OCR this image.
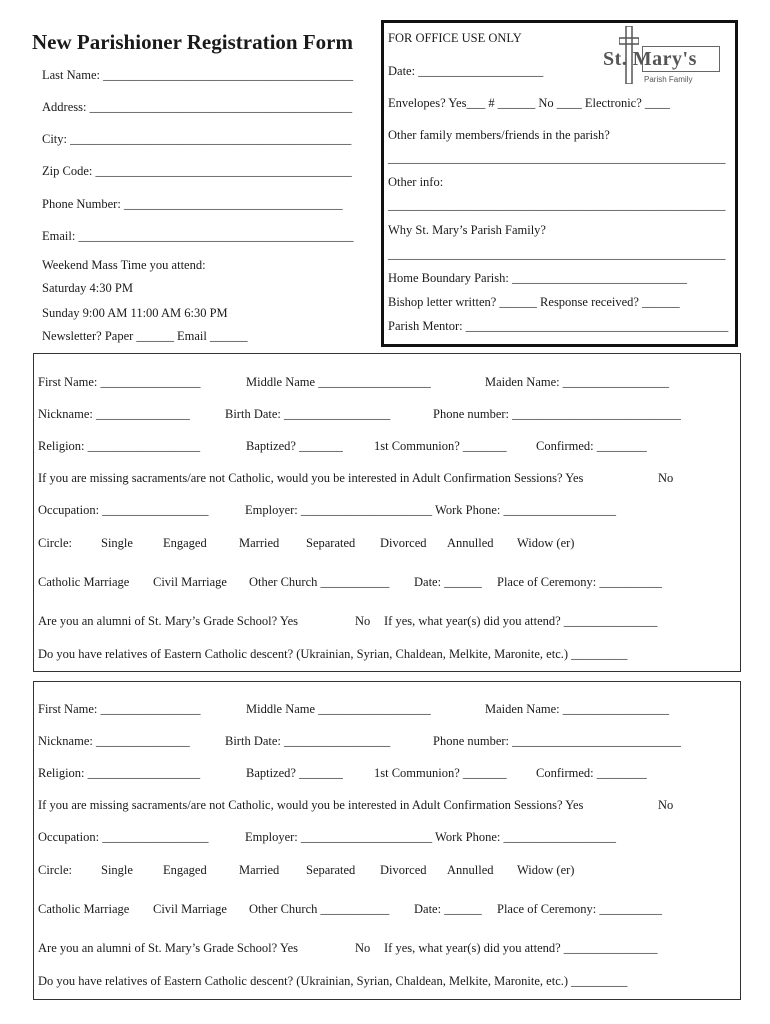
New Parishioner Registration Form
Last Name: ________________________________________
Address: __________________________________________
City: _____________________________________________
Zip Code: _________________________________________
Phone Number: ___________________________________
Email: ____________________________________________
Weekend Mass Time you attend:
Saturday 4:30 PM
Sunday 9:00 AM 11:00 AM 6:30 PM
Newsletter? Paper ______ Email ______
FOR OFFICE USE ONLY
Date: ____________________
Envelopes? Yes___ # ______ No ____ Electronic? ____
Other family members/friends in the parish?
______________________________________________________
Other info:
______________________________________________________
Why St. Mary’s Parish Family?
______________________________________________________
Home Boundary Parish: ____________________________
Bishop letter written? ______ Response received? ______
Parish Mentor: __________________________________________
St. Mary's
Parish Family
First Name: ________________	Middle Name __________________	Maiden Name: _________________
Nickname: _______________	Birth Date: _________________	Phone number: ___________________________
Religion: __________________	Baptized? _______ 1st Communion? _______ Confirmed: ________
If you are missing sacraments/are not Catholic, would you be interested in Adult Confirmation Sessions? Yes	No
Occupation: _________________	Employer: _____________________ Work Phone: __________________
Circle: Single Engaged	Married Separated Divorced Annulled Widow (er)
Catholic Marriage Civil Marriage Other Church ___________ Date: ______ Place of Ceremony: __________
Are you an alumni of St. Mary’s Grade School? Yes	No If yes, what year(s) did you attend? _______________
Do you have relatives of Eastern Catholic descent? (Ukrainian, Syrian, Chaldean, Melkite, Maronite, etc.) _________
First Name: ________________	Middle Name __________________	Maiden Name: _________________
Nickname: _______________	Birth Date: _________________	Phone number: ___________________________
Religion: __________________	Baptized? _______ 1st Communion? _______ Confirmed: ________
If you are missing sacraments/are not Catholic, would you be interested in Adult Confirmation Sessions? Yes	No
Occupation: _________________	Employer: _____________________ Work Phone: __________________
Circle: Single Engaged	Married Separated Divorced Annulled Widow (er)
Catholic Marriage Civil Marriage Other Church ___________ Date: ______ Place of Ceremony: __________
Are you an alumni of St. Mary’s Grade School? Yes	No If yes, what year(s) did you attend? _______________
Do you have relatives of Eastern Catholic descent? (Ukrainian, Syrian, Chaldean, Melkite, Maronite, etc.) _________
